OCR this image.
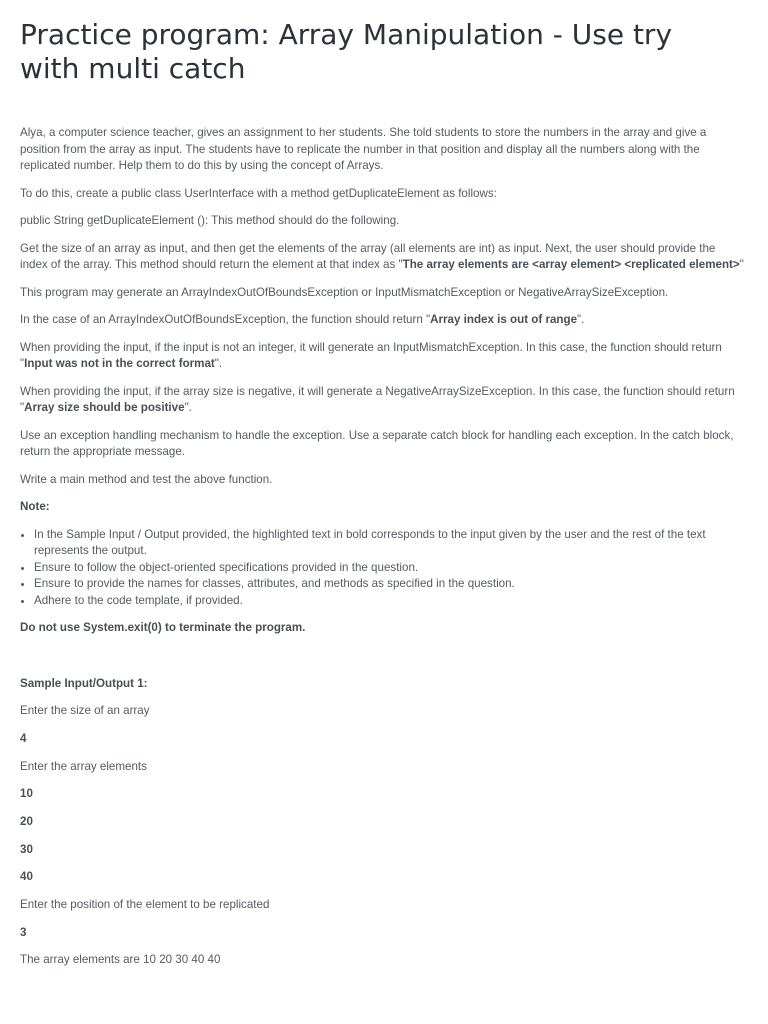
Practice program: Array Manipulation - Use try with multi catch

Alya, a computer science teacher, gives an assignment to her students. She told students to store the numbers in the array and give a position from the array as input. The students have to replicate the number in that position and display all the numbers along with the replicated number. Help them to do this by using the concept of Arrays.

To do this, create a public class UserInterface with a method getDuplicateElement as follows:

public String getDuplicateElement (): This method should do the following.

Get the size of an array as input, and then get the elements of the array (all elements are int) as input. Next, the user should provide the index of the array. This method should return the element at that index as "The array elements are <array element> <replicated element>"

This program may generate an ArrayIndexOutOfBoundsException or InputMismatchException or NegativeArraySizeException.

In the case of an ArrayIndexOutOfBoundsException, the function should return "Array index is out of range".

When providing the input, if the input is not an integer, it will generate an InputMismatchException. In this case, the function should return "Input was not in the correct format".

When providing the input, if the array size is negative, it will generate a NegativeArraySizeException. In this case, the function should return "Array size should be positive".

Use an exception handling mechanism to handle the exception. Use a separate catch block for handling each exception. In the catch block, return the appropriate message.

Write a main method and test the above function.

Note:

• In the Sample Input / Output provided, the highlighted text in bold corresponds to the input given by the user and the rest of the text represents the output.
• Ensure to follow the object-oriented specifications provided in the question.
• Ensure to provide the names for classes, attributes, and methods as specified in the question.
• Adhere to the code template, if provided.

Do not use System.exit(0) to terminate the program.

Sample Input/Output 1:

Enter the size of an array

4

Enter the array elements

10

20

30

40

Enter the position of the element to be replicated

3

The array elements are 10 20 30 40 40
